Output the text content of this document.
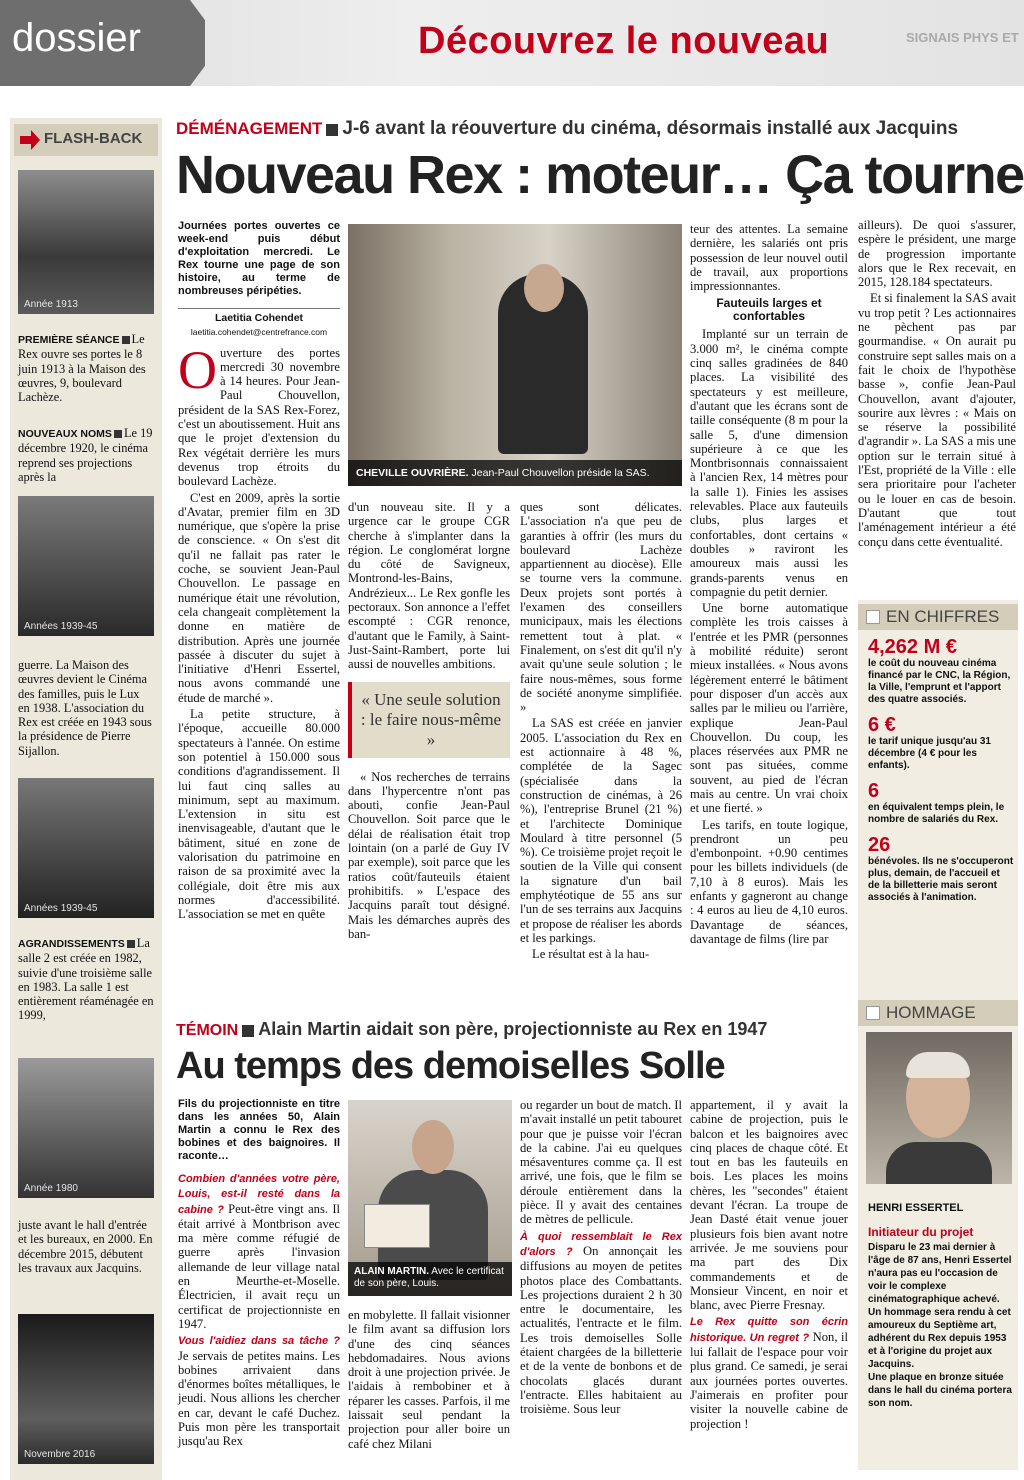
dossier	SIGNAIS PHYS ET
Découvrez le nouveau
FLASH-BACK
Année 1913
PREMIÈRE SÉANCE Le Rex ouvre ses portes le 8 juin 1913 à la Maison des œuvres, 9, boulevard Lachèze.
NOUVEAUX NOMS Le 19 décembre 1920, le cinéma reprend ses projections après la
Années 1939-45
guerre. La Maison des œuvres devient le Cinéma des familles, puis le Lux en 1938. L'association du Rex est créée en 1943 sous la présidence de Pierre Sijallon.
Années 1939-45
AGRANDISSEMENTS La salle 2 est créée en 1982, suivie d'une troisième salle en 1983. La salle 1 est entièrement réaménagée en 1999,
Année 1980
juste avant le hall d'entrée et les bureaux, en 2000. En décembre 2015, débutent les travaux aux Jacquins.
Novembre 2016
DÉMÉNAGEMENT J-6 avant la réouverture du cinéma, désormais installé aux Jacquins
Nouveau Rex : moteur… Ça tourne
Journées portes ouvertes ce week-end puis début d'exploitation mercredi. Le Rex tourne une page de son histoire, au terme de nombreuses péripéties.
Laetitia Cohendet
laetitia.cohendet@centrefrance.com

Ouverture des portes mercredi 30 novembre à 14 heures. Pour Jean-Paul Chouvellon, président de la SAS Rex-Forez, c'est un aboutissement. Huit ans que le projet d'extension du Rex végétait derrière les murs devenus trop étroits du boulevard Lachèze.

C'est en 2009, après la sortie d'Avatar, premier film en 3D numérique, que s'opère la prise de conscience. « On s'est dit qu'il ne fallait pas rater le coche, se souvient Jean-Paul Chouvellon. Le passage en numérique était une révolution, cela changeait complètement la donne en matière de distribution. Après une journée passée à discuter du sujet à l'initiative d'Henri Essertel, nous avons commandé une étude de marché ».

La petite structure, à l'époque, accueille 80.000 spectateurs à l'année. On estime son potentiel à 150.000 sous conditions d'agrandissement. Il lui faut cinq salles au minimum, sept au maximum. L'extension in situ est inenvisageable, d'autant que le bâtiment, situé en zone de valorisation du patrimoine en raison de sa proximité avec la collégiale, doit être mis aux normes d'accessibilité. L'association se met en quête

CHEVILLE OUVRIÈRE. Jean-Paul Chouvellon préside la SAS.

d'un nouveau site. Il y a urgence car le groupe CGR cherche à s'implanter dans la région. Le conglomérat lorgne du côté de Savigneux, Montrond-les-Bains, Andrézieux... Le Rex gonfle les pectoraux. Son annonce a l'effet escompté : CGR renonce, d'autant que le Family, à Saint-Just-Saint-Rambert, porte lui aussi de nouvelles ambitions.

« Une seule solution : le faire nous-même »

« Nos recherches de terrains dans l'hypercentre n'ont pas abouti, confie Jean-Paul Chouvellon. Soit parce que le délai de réalisation était trop lointain (on a parlé de Guy IV par exemple), soit parce que les ratios coût/fauteuils étaient prohibitifs. » L'espace des Jacquins paraît tout désigné. Mais les démarches auprès des ban-

ques sont délicates. L'association n'a que peu de garanties à offrir (les murs du boulevard Lachèze appartiennent au diocèse). Elle se tourne vers la commune. Deux projets sont portés à l'examen des conseillers municipaux, mais les élections remettent tout à plat. « Finalement, on s'est dit qu'il n'y avait qu'une seule solution ; le faire nous-mêmes, sous forme de société anonyme simplifiée. »

La SAS est créée en janvier 2005. L'association du Rex en est actionnaire à 48 %, complétée de la Sagec (spécialisée dans la construction de cinémas, à 26 %), l'entreprise Brunel (21 %) et l'architecte Dominique Moulard à titre personnel (5 %). Ce troisième projet reçoit le soutien de la Ville qui consent la signature d'un bail emphytéotique de 55 ans sur l'un de ses terrains aux Jacquins et propose de réaliser les abords et les parkings.

Le résultat est à la hau-

teur des attentes. La semaine dernière, les salariés ont pris possession de leur nouvel outil de travail, aux proportions impressionnantes.

Fauteuils larges et confortables

Implanté sur un terrain de 3.000 m², le cinéma compte cinq salles gradinées de 840 places. La visibilité des spectateurs y est meilleure, d'autant que les écrans sont de taille conséquente (8 m pour la salle 5, d'une dimension supérieure à ce que les Montbrisonnais connaissaient à l'ancien Rex, 14 mètres pour la salle 1). Finies les assises relevables. Place aux fauteuils clubs, plus larges et confortables, dont certains « doubles » raviront les amoureux mais aussi les grands-parents venus en compagnie du petit dernier.

Une borne automatique complète les trois caisses à l'entrée et les PMR (personnes à mobilité réduite) seront mieux installées. « Nous avons légèrement enterré le bâtiment pour disposer d'un accès aux salles par le milieu ou l'arrière, explique Jean-Paul Chouvellon. Du coup, les places réservées aux PMR ne sont pas situées, comme souvent, au pied de l'écran mais au centre. Un vrai choix et une fierté. »

Les tarifs, en toute logique, prendront un peu d'embonpoint. +0.90 centimes pour les billets individuels (de 7,10 à 8 euros). Mais les enfants y gagneront au change : 4 euros au lieu de 4,10 euros. Davantage de séances, davantage de films (lire par

ailleurs). De quoi s'assurer, espère le président, une marge de progression importante alors que le Rex recevait, en 2015, 128.184 spectateurs.

Et si finalement la SAS avait vu trop petit ? Les actionnaires ne pèchent pas par gourmandise. « On aurait pu construire sept salles mais on a fait le choix de l'hypothèse basse », confie Jean-Paul Chouvellon, avant d'ajouter, sourire aux lèvres : « Mais on se réserve la possibilité d'agrandir ». La SAS a mis une option sur le terrain situé à l'Est, propriété de la Ville : elle sera prioritaire pour l'acheter ou le louer en cas de besoin. D'autant que tout l'aménagement intérieur a été conçu dans cette éventualité.

EN CHIFFRES
4,262 M €
le coût du nouveau cinéma financé par le CNC, la Région, la Ville, l'emprunt et l'apport des quatre associés.
6 €
le tarif unique jusqu'au 31 décembre (4 € pour les enfants).
6
en équivalent temps plein, le nombre de salariés du Rex.
26
bénévoles. Ils ne s'occuperont plus, demain, de l'accueil et de la billetterie mais seront associés à l'animation.
TÉMOIN Alain Martin aidait son père, projectionniste au Rex en 1947
Au temps des demoiselles Solle
Fils du projectionniste en titre dans les années 50, Alain Martin a connu le Rex des bobines et des baignoires. Il raconte…

Combien d'années votre père, Louis, est-il resté dans la cabine ? Peut-être vingt ans. Il était arrivé à Montbrison avec ma mère comme réfugié de guerre après l'invasion allemande de leur village natal en Meurthe-et-Moselle. Électricien, il avait reçu un certificat de projectionniste en 1947.

Vous l'aidiez dans sa tâche ? Je servais de petites mains. Les bobines arrivaient dans d'énormes boîtes métalliques, le jeudi. Nous allions les chercher en car, devant le café Duchez. Puis mon père les transportait jusqu'au Rex

ALAIN MARTIN. Avec le certificat de son père, Louis.

en mobylette. Il fallait visionner le film avant sa diffusion lors d'une des cinq séances hebdomadaires. Nous avions droit à une projection privée. Je l'aidais à rembobiner et à réparer les casses. Parfois, il me laissait seul pendant la projection pour aller boire un café chez Milani

ou regarder un bout de match. Il m'avait installé un petit tabouret pour que je puisse voir l'écran de la cabine. J'ai eu quelques mésaventures comme ça. Il est arrivé, une fois, que le film se déroule entièrement dans la pièce. Il y avait des centaines de mètres de pellicule.

À quoi ressemblait le Rex d'alors ? On annonçait les diffusions au moyen de petites photos place des Combattants. Les projections duraient 2 h 30 entre le documentaire, les actualités, l'entracte et le film. Les trois demoiselles Solle étaient chargées de la billetterie et de la vente de bonbons et de chocolats glacés durant l'entracte. Elles habitaient au troisième. Sous leur

appartement, il y avait la cabine de projection, puis le balcon et les baignoires avec cinq places de chaque côté. Et tout en bas les fauteuils en bois. Les places les moins chères, les "secondes" étaient devant l'écran. La troupe de Jean Dasté était venue jouer plusieurs fois bien avant notre arrivée. Je me souviens pour ma part des Dix commandements et de Monsieur Vincent, en noir et blanc, avec Pierre Fresnay.

Le Rex quitte son écrin historique. Un regret ? Non, il lui fallait de l'espace pour voir plus grand. Ce samedi, je serai aux journées portes ouvertes. J'aimerais en profiter pour visiter la nouvelle cabine de projection !

HOMMAGE
HENRI ESSERTEL
Initiateur du projet
Disparu le 23 mai dernier à l'âge de 87 ans, Henri Essertel n'aura pas eu l'occasion de voir le complexe cinématographique achevé. Un hommage sera rendu à cet amoureux du Septième art, adhérent du Rex depuis 1953 et à l'origine du projet aux Jacquins.
Une plaque en bronze située dans le hall du cinéma portera son nom.
